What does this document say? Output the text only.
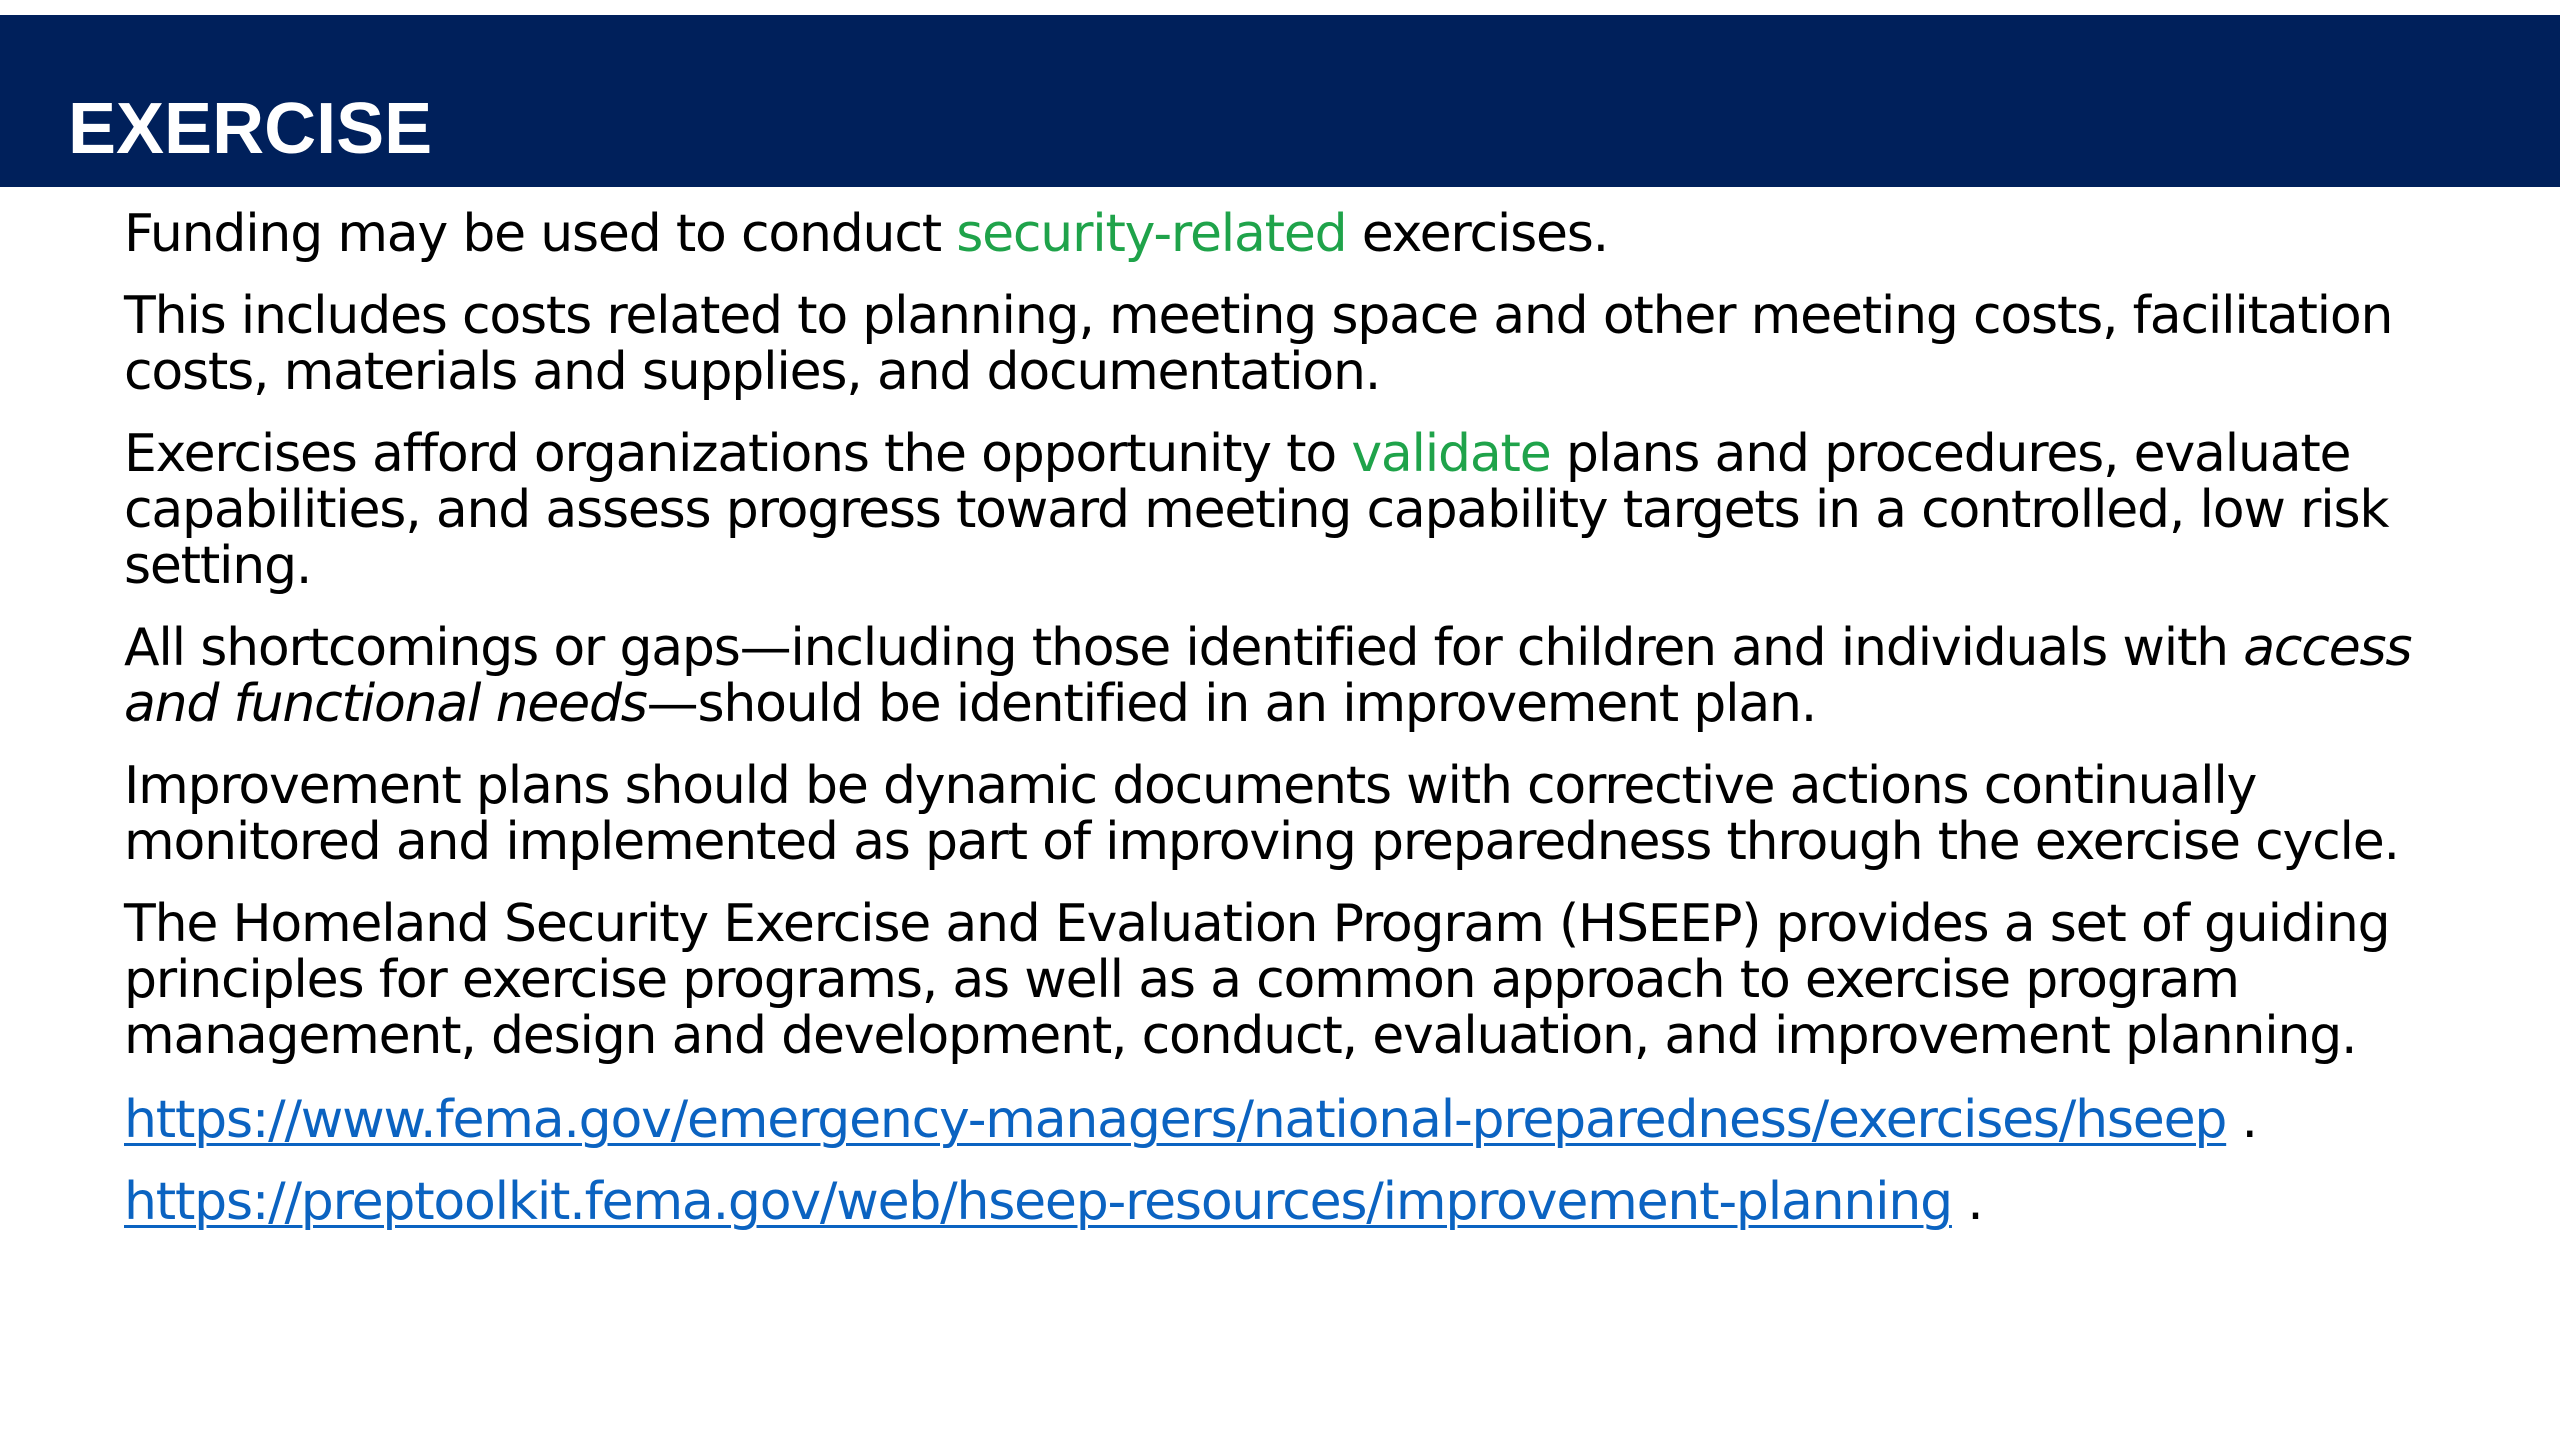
EXERCISE

Funding may be used to conduct security-related exercises.

This includes costs related to planning, meeting space and other meeting costs, facilitation costs, materials and supplies, and documentation.

Exercises afford organizations the opportunity to validate plans and procedures, evaluate capabilities, and assess progress toward meeting capability targets in a controlled, low risk setting.

All shortcomings or gaps—including those identified for children and individuals with access and functional needs—should be identified in an improvement plan.

Improvement plans should be dynamic documents with corrective actions continually monitored and implemented as part of improving preparedness through the exercise cycle.

The Homeland Security Exercise and Evaluation Program (HSEEP) provides a set of guiding principles for exercise programs, as well as a common approach to exercise program management, design and development, conduct, evaluation, and improvement planning.

https://www.fema.gov/emergency-managers/national-preparedness/exercises/hseep .

https://preptoolkit.fema.gov/web/hseep-resources/improvement-planning .
